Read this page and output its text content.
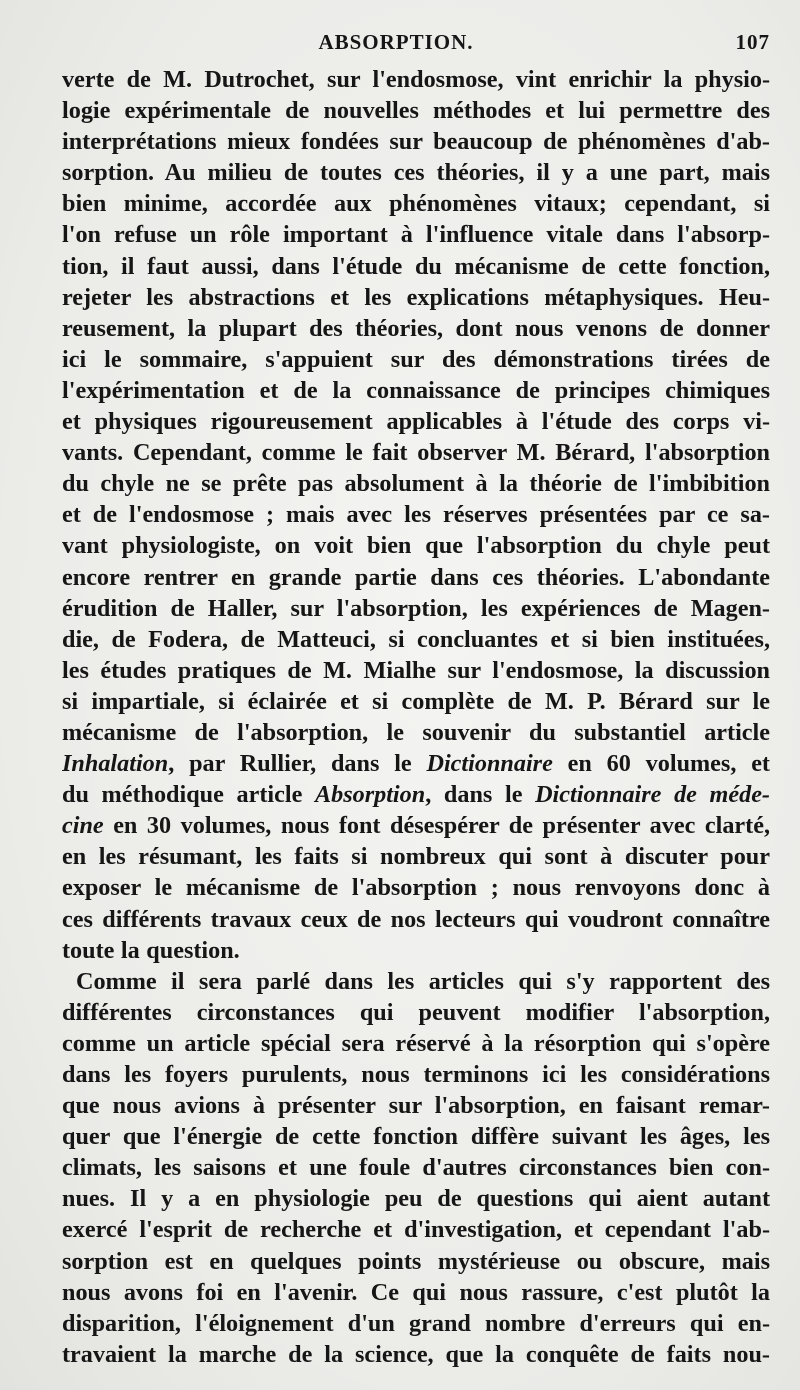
ABSORPTION.	107
verte de M. Dutrochet, sur l'endosmose, vint enrichir la physio-
logie expérimentale de nouvelles méthodes et lui permettre des
interprétations mieux fondées sur beaucoup de phénomènes d'ab-
sorption. Au milieu de toutes ces théories, il y a une part, mais
bien minime, accordée aux phénomènes vitaux; cependant, si
l'on refuse un rôle important à l'influence vitale dans l'absorp-
tion, il faut aussi, dans l'étude du mécanisme de cette fonction,
rejeter les abstractions et les explications métaphysiques. Heu-
reusement, la plupart des théories, dont nous venons de donner
ici le sommaire, s'appuient sur des démonstrations tirées de
l'expérimentation et de la connaissance de principes chimiques
et physiques rigoureusement applicables à l'étude des corps vi-
vants. Cependant, comme le fait observer M. Bérard, l'absorption
du chyle ne se prête pas absolument à la théorie de l'imbibition
et de l'endosmose ; mais avec les réserves présentées par ce sa-
vant physiologiste, on voit bien que l'absorption du chyle peut
encore rentrer en grande partie dans ces théories. L'abondante
érudition de Haller, sur l'absorption, les expériences de Magen-
die, de Fodera, de Matteuci, si concluantes et si bien instituées,
les études pratiques de M. Mialhe sur l'endosmose, la discussion
si impartiale, si éclairée et si complète de M. P. Bérard sur le
mécanisme de l'absorption, le souvenir du substantiel article
Inhalation, par Rullier, dans le Dictionnaire en 60 volumes, et
du méthodique article Absorption, dans le Dictionnaire de méde-
cine en 30 volumes, nous font désespérer de présenter avec clarté,
en les résumant, les faits si nombreux qui sont à discuter pour
exposer le mécanisme de l'absorption ; nous renvoyons donc à
ces différents travaux ceux de nos lecteurs qui voudront connaître
toute la question.
Comme il sera parlé dans les articles qui s'y rapportent des
différentes circonstances qui peuvent modifier l'absorption,
comme un article spécial sera réservé à la résorption qui s'opère
dans les foyers purulents, nous terminons ici les considérations
que nous avions à présenter sur l'absorption, en faisant remar-
quer que l'énergie de cette fonction diffère suivant les âges, les
climats, les saisons et une foule d'autres circonstances bien con-
nues. Il y a en physiologie peu de questions qui aient autant
exercé l'esprit de recherche et d'investigation, et cependant l'ab-
sorption est en quelques points mystérieuse ou obscure, mais
nous avons foi en l'avenir. Ce qui nous rassure, c'est plutôt la
disparition, l'éloignement d'un grand nombre d'erreurs qui en-
travaient la marche de la science, que la conquête de faits nou-
